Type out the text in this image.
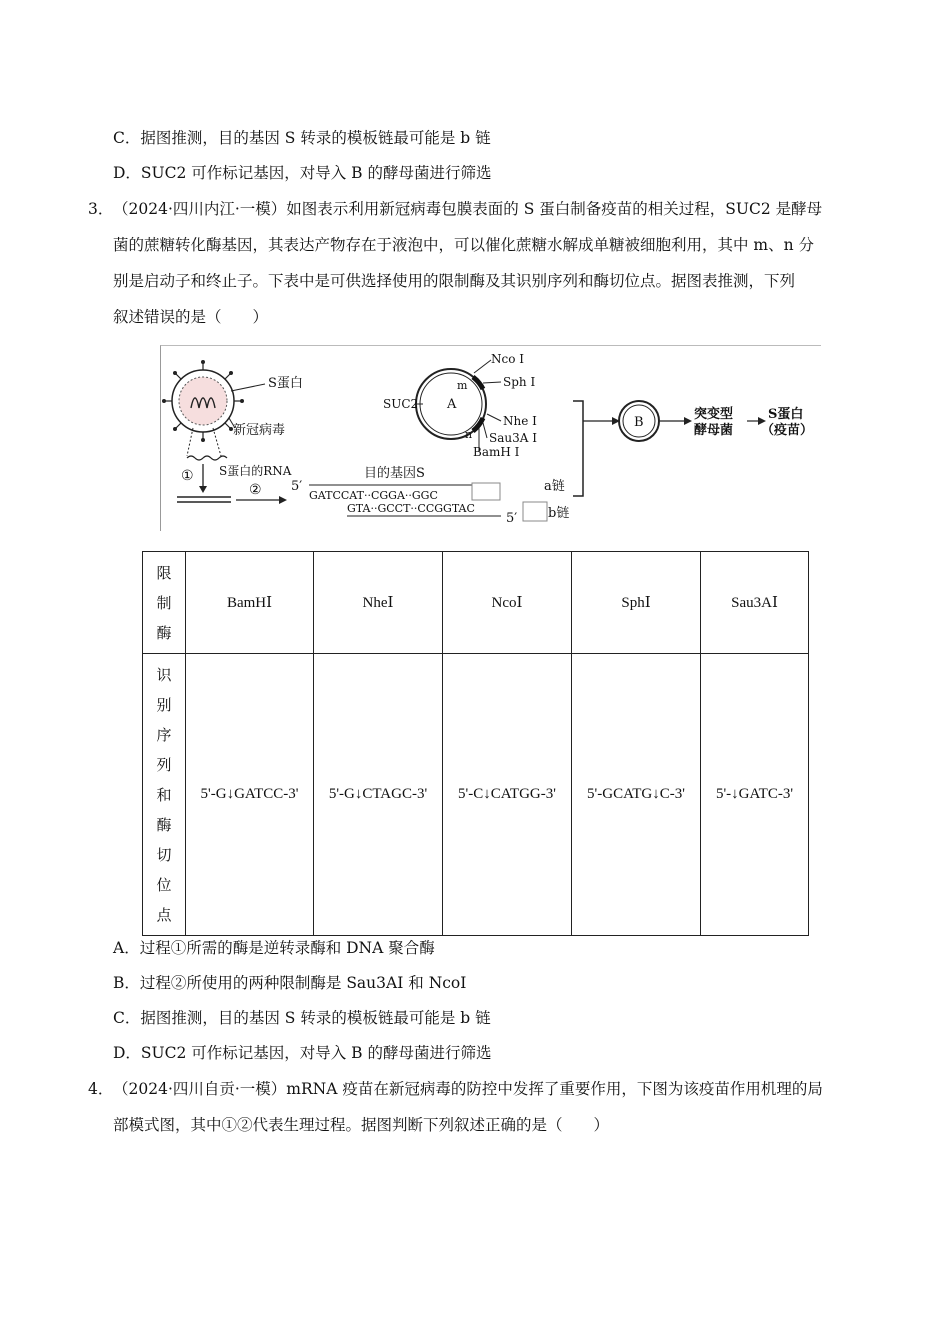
C．据图推测，目的基因 S 转录的模板链最可能是 b 链
D．SUC2 可作标记基因，对导入 B 的酵母菌进行筛选
3． （2024·四川内江·一模）如图表示利用新冠病毒包膜表面的 S 蛋白制备疫苗的相关过程，SUC2 是酵母
菌的蔗糖转化酶基因，其表达产物存在于液泡中，可以催化蔗糖水解成单糖被细胞利用，其中 m、n 分
别是启动子和终止子。下表中是可供选择使用的限制酶及其识别序列和酶切位点。据图表推测，下列
叙述错误的是（　　）
S蛋白
新冠病毒
① S蛋白的RNA
② 5′
目的基因S
GATCCAT··CGGA··GGC
GTA··GCCT··CCGGTAC
5′
a链
b链
A
m
n
SUC2
Nco Ⅰ
Sph Ⅰ
Nhe Ⅰ
Sau3A Ⅰ
BamH Ⅰ
B
突变型
酵母菌
S蛋白
（疫苗）
限制酶	BamHⅠ	NheⅠ	NcoⅠ	SphⅠ	Sau3AⅠ
识别序列和酶切位点	5'-G↓GATCC-3'	5'-G↓CTAGC-3'	5'-C↓CATGG-3'	5'-GCATG↓C-3'	5'-↓GATC-3'
A．过程①所需的酶是逆转录酶和 DNA 聚合酶
B．过程②所使用的两种限制酶是 Sau3AⅠ 和 NcoⅠ
C．据图推测，目的基因 S 转录的模板链最可能是 b 链
D．SUC2 可作标记基因，对导入 B 的酵母菌进行筛选
4． （2024·四川自贡·一模）mRNA 疫苗在新冠病毒的防控中发挥了重要作用，下图为该疫苗作用机理的局
部模式图，其中①②代表生理过程。据图判断下列叙述正确的是（　　）
